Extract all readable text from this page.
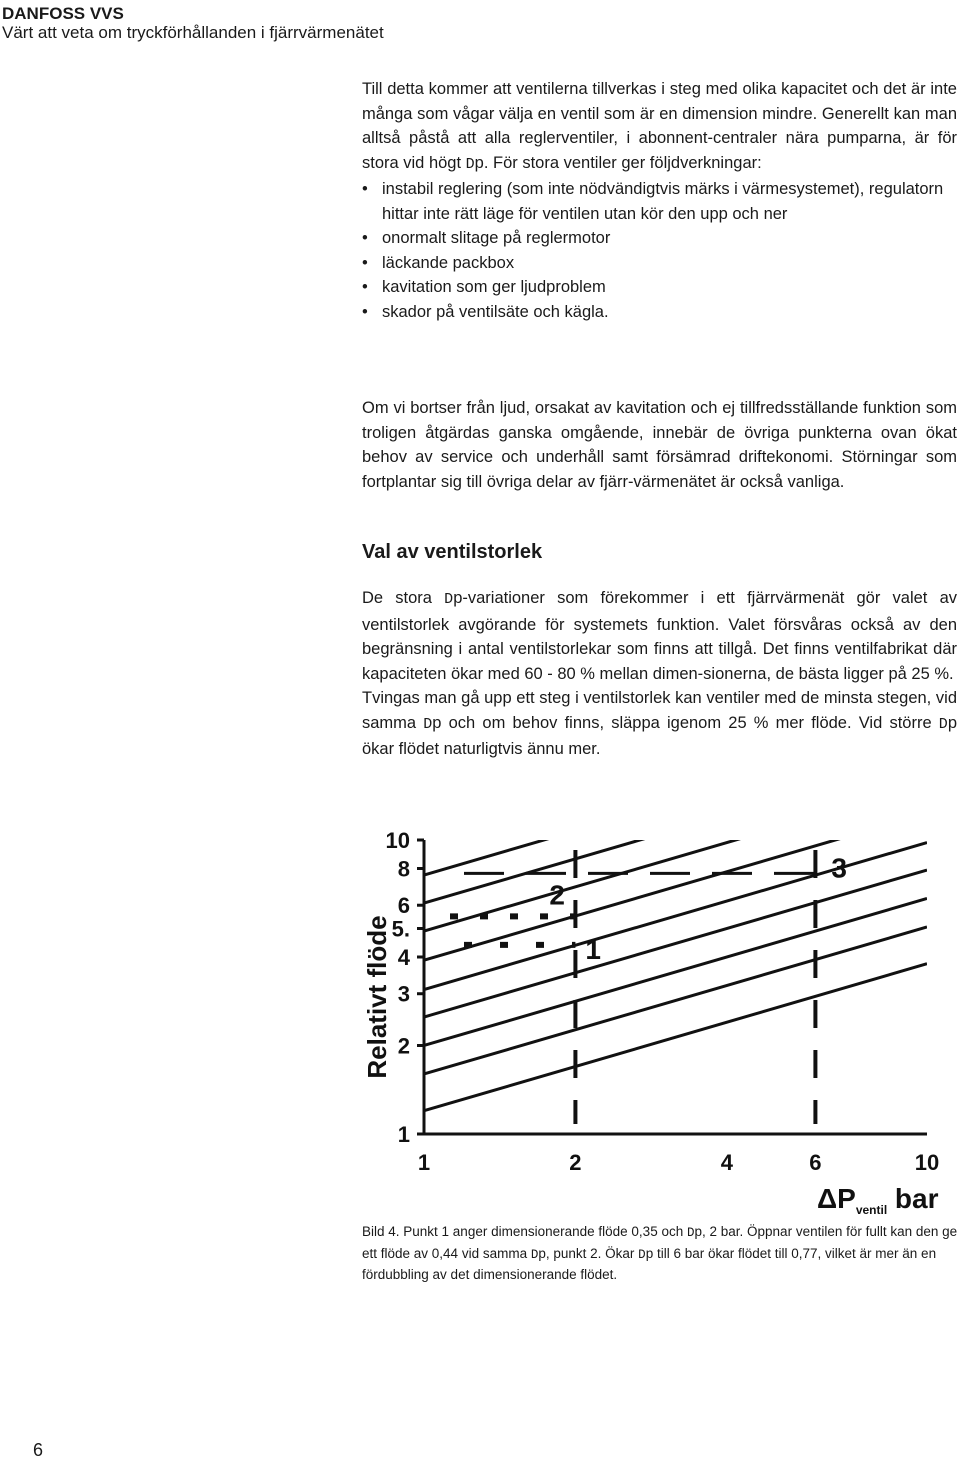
DANFOSS VVS
Värt att veta om tryckförhållanden i fjärrvärmenätet

Till detta kommer att ventilerna tillverkas i steg med olika kapacitet och det är inte många som vågar välja en ventil som är en dimension mindre. Generellt kan man alltså påstå att alla reglerventiler, i abonnent-centraler nära pumparna, är för stora vid högt Dp. För stora ventiler ger följdverkningar:

• instabil reglering (som inte nödvändigtvis märks i värmesystemet), regulatorn hittar inte rätt läge för ventilen utan kör den upp och ner
• onormalt slitage på reglermotor
• läckande packbox
• kavitation som ger ljudproblem
• skador på ventilsäte och kägla.

Om vi bortser från ljud, orsakat av kavitation och ej tillfredsställande funktion som troligen åtgärdas ganska omgående, innebär de övriga punkterna ovan ökat behov av service och underhåll samt försämrad driftekonomi. Störningar som fortplantar sig till övriga delar av fjärr-värmenätet är också vanliga.

Val av ventilstorlek

De stora Dp-variationer som förekommer i ett fjärrvärmenät gör valet av ventilstorlek avgörande för systemets funktion. Valet försvåras också av den begränsning i antal ventilstorlekar som finns att tillgå. Det finns ventilfabrikat där kapaciteten ökar med 60 - 80 % mellan dimen-sionerna, de bästa ligger på 25 %.

Tvingas man gå upp ett steg i ventilstorlek kan ventiler med de minsta stegen, vid samma Dp och om behov finns, släppa igenom 25 % mer flöde. Vid större Dp ökar flödet naturligtvis ännu mer.

1
2
3
4
5.
6
8
10
1	2	4	6	10
1
2
3
Relativt flöde
$\Delta P_{ventil}$ bar

Bild 4. Punkt 1 anger dimensionerande flöde 0,35 och Dp, 2 bar. Öppnar ventilen för fullt kan den ge ett flöde av 0,44 vid samma Dp, punkt 2. Ökar Dp till 6 bar ökar flödet till 0,77, vilket är mer än en fördubbling av det dimensionerande flödet.

6
